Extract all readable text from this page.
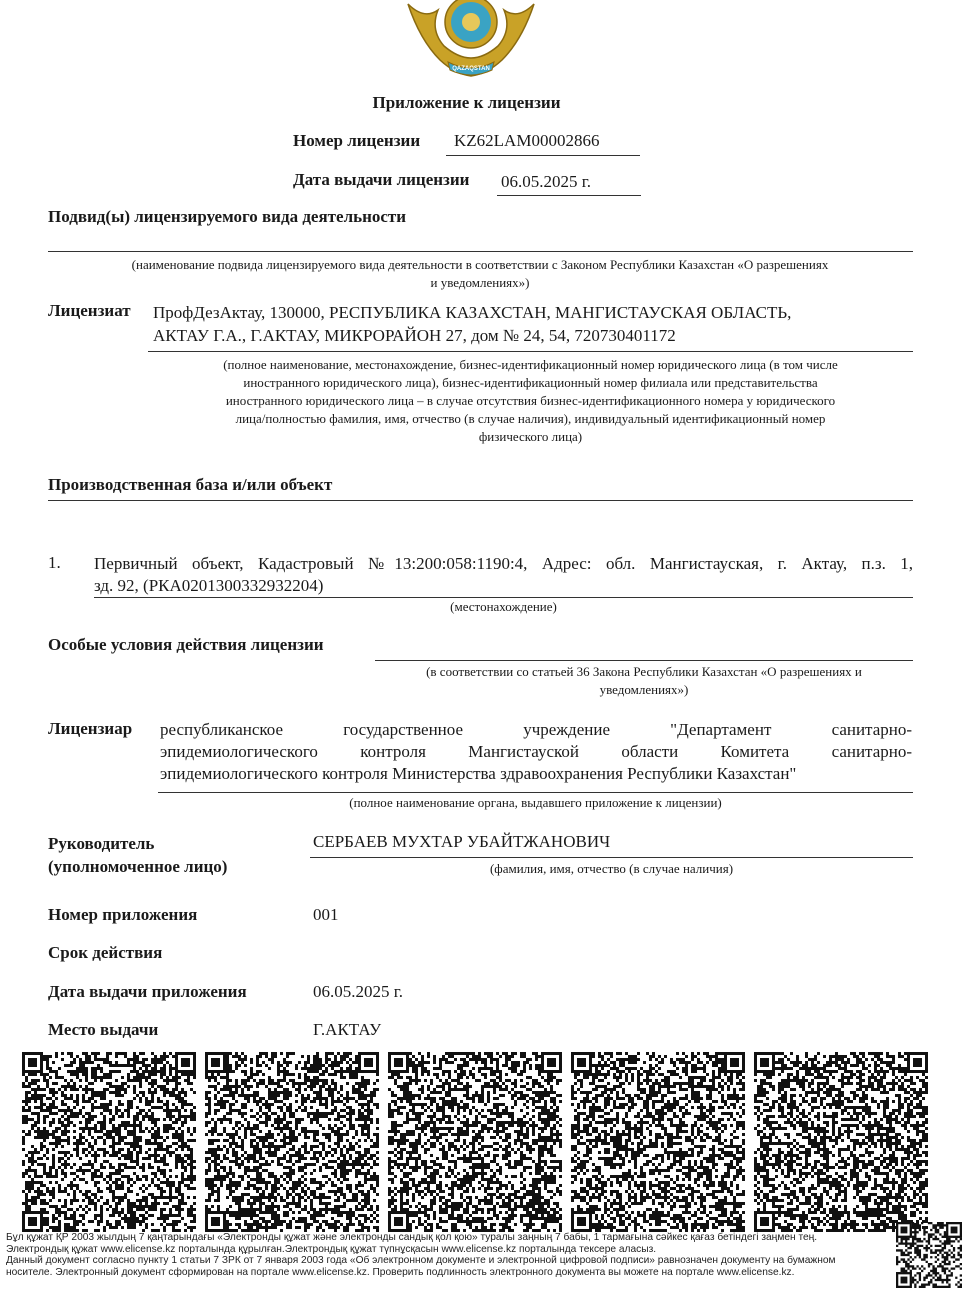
QAZAQSTAN
Приложение к лицензии
Номер лицензии KZ62LAM00002866
Дата выдачи лицензии 06.05.2025 г.
Подвид(ы) лицензируемого вида деятельности
(наименование подвида лицензируемого вида деятельности в соответствии с Законом Республики Казахстан «О разрешениях
и уведомлениях»)
Лицензиат ПрофДезАктау, 130000, РЕСПУБЛИКА КАЗАХСТАН, МАНГИСТАУСКАЯ ОБЛАСТЬ,
АКТАУ Г.А., Г.АКТАУ, МИКРОРАЙОН 27, дом № 24, 54, 720730401172
(полное наименование, местонахождение, бизнес-идентификационный номер юридического лица (в том числе
иностранного юридического лица), бизнес-идентификационный номер филиала или представительства
иностранного юридического лица – в случае отсутствия бизнес-идентификационного номера у юридического
лица/полностью фамилия, имя, отчество (в случае наличия), индивидуальный идентификационный номер
физического лица)
Производственная база и/или объект
1. Первичный объект, Кадастровый №13:200:058:1190:4, Адрес: обл. Мангистауская, г. Актау, п.з. 1,
зд. 92, (РКА0201300332932204)
(местонахождение)
Особые условия действия лицензии
(в соответствии со статьей 36 Закона Республики Казахстан «О разрешениях и
уведомлениях»)
Лицензиар республиканское государственное учреждение "Департамент санитарно-
эпидемиологического контроля Мангистауской области Комитета санитарно-
эпидемиологического контроля Министерства здравоохранения Республики Казахстан"
(полное наименование органа, выдавшего приложение к лицензии)
Руководитель
(уполномоченное лицо)
СЕРБАЕВ МУХТАР УБАЙТЖАНОВИЧ
(фамилия, имя, отчество (в случае наличия)
Номер приложения	001
Срок действия
Дата выдачи приложения	06.05.2025 г.
Место выдачи	Г.АКТАУ
Бұл құжат ҚР 2003 жылдың 7 қаңтарындағы «Электронды құжат және электронды сандық қол қою» туралы заңның 7 бабы, 1 тармағына сәйкес қағаз бетіндегі заңмен тең.
Электрондық құжат www.elicense.kz порталында құрылған.Электрондық құжат түпнұсқасын www.elicense.kz порталында тексере аласыз.
Данный документ согласно пункту 1 статьи 7 ЗРК от 7 января 2003 года «Об электронном документе и электронной цифровой подписи» равнозначен документу на бумажном
носителе. Электронный документ сформирован на портале www.elicense.kz. Проверить подлинность электронного документа вы можете на портале www.elicense.kz.
